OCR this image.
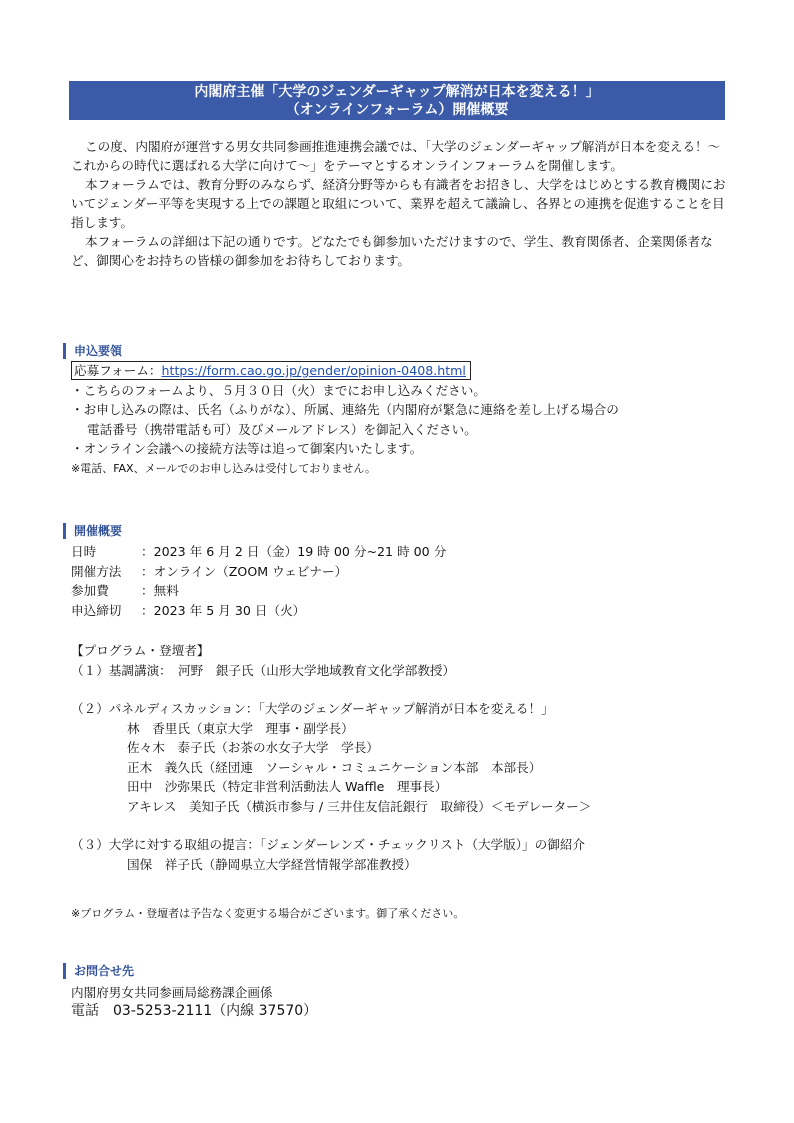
内閣府主催「大学のジェンダーギャップ解消が日本を変える！」
（オンラインフォーラム）開催概要

この度、内閣府が運営する男女共同参画推進連携会議では、「大学のジェンダーギャップ解消が日本を変える！～これからの時代に選ばれる大学に向けて～」をテーマとするオンラインフォーラムを開催します。

本フォーラムでは、教育分野のみならず、経済分野等からも有識者をお招きし、大学をはじめとする教育機関においてジェンダー平等を実現する上での課題と取組について、業界を超えて議論し、各界との連携を促進することを目指します。

本フォーラムの詳細は下記の通りです。どなたでも御参加いただけますので、学生、教育関係者、企業関係者など、御関心をお持ちの皆様の御参加をお待ちしております。

申込要領
応募フォーム：https://form.cao.go.jp/gender/opinion-0408.html
・こちらのフォームより、５月３０日（火）までにお申し込みください。
・お申し込みの際は、氏名（ふりがな）、所属、連絡先（内閣府が緊急に連絡を差し上げる場合の
電話番号（携帯電話も可）及びメールアドレス）を御記入ください。
・オンライン会議への接続方法等は追って御案内いたします。
※電話、FAX、メールでのお申し込みは受付しておりません。
開催概要
日時	：2023 年 6 月 2 日（金）19 時 00 分~21 時 00 分
開催方法 ：オンライン（ZOOM ウェビナー）
参加費	：無料
申込締切 ：2023 年 5 月 30 日（火）
【プログラム・登壇者】
（１）基調講演：　河野　銀子氏（山形大学地域教育文化学部教授）
（２）パネルディスカッション：「大学のジェンダーギャップ解消が日本を変える！」
林　香里氏（東京大学　理事・副学長）
佐々木　泰子氏（お茶の水女子大学　学長）
正木　義久氏（経団連　ソーシャル・コミュニケーション本部　本部長）
田中　沙弥果氏（特定非営利活動法人 Waffle　理事長）
アキレス　美知子氏（横浜市参与 / 三井住友信託銀行　取締役）＜モデレーター＞
（３）大学に対する取組の提言：「ジェンダーレンズ・チェックリスト（大学版）」の御紹介
国保　祥子氏（静岡県立大学経営情報学部准教授）
※プログラム・登壇者は予告なく変更する場合がございます。御了承ください。
お問合せ先
内閣府男女共同参画局総務課企画係
電話　03-5253-2111（内線 37570）
